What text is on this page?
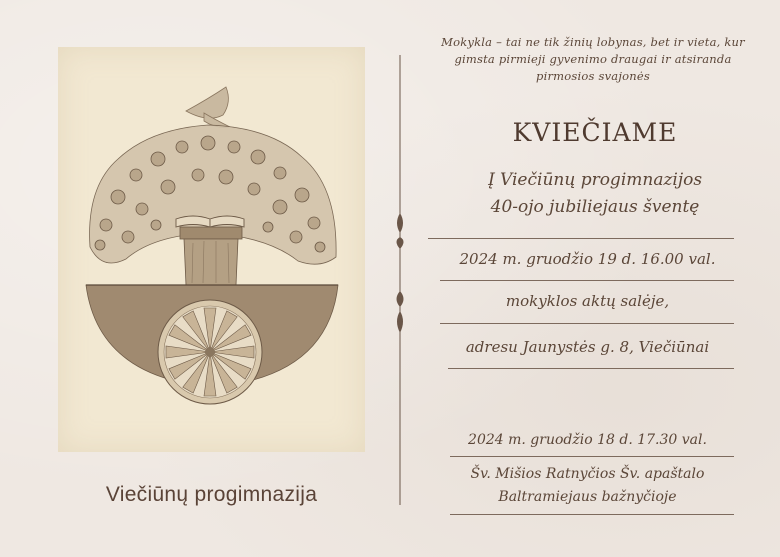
Viečiūnų progimnazija
Mokykla – tai ne tik žinių lobynas, bet ir vieta, kur gimsta pirmieji gyvenimo draugai ir atsiranda pirmosios svajonės
KVIEČIAME
Į Viečiūnų progimnazijos
40-ojo jubiliejaus šventę
2024 m. gruodžio 19 d. 16.00 val.
mokyklos aktų salėje,
adresu Jaunystės g. 8, Viečiūnai
2024 m. gruodžio 18 d. 17.30 val.
Šv. Mišios Ratnyčios Šv. apaštalo
Baltramiejaus bažnyčioje
